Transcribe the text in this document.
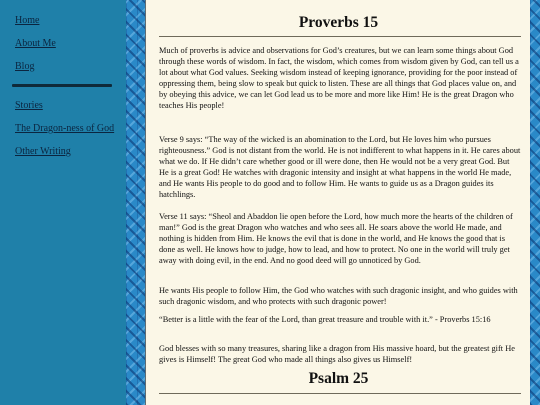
Home
About Me
Blog
Stories
The Dragon-ness of God
Other Writing
Proverbs 15

Much of proverbs is advice and observations for God’s creatures, but we can learn some things about God through these words of wisdom. In fact, the wisdom, which comes from wisdom given by God, can tell us a lot about what God values. Seeking wisdom instead of keeping ignorance, providing for the poor instead of oppressing them, being slow to speak but quick to listen. These are all things that God places value on, and by obeying this advice, we can let God lead us to be more and more like Him! He is the great Dragon who teaches His people!

Verse 9 says: “The way of the wicked is an abomination to the Lord, but He loves him who pursues righteousness.” God is not distant from the world. He is not indifferent to what happens in it. He cares about what we do. If He didn’t care whether good or ill were done, then He would not be a very great God. But He is a great God! He watches with dragonic intensity and insight at what happens in the world He made, and He wants His people to do good and to follow Him. He wants to guide us as a Dragon guides its hatchlings.

Verse 11 says: “Sheol and Abaddon lie open before the Lord, how much more the hearts of the children of man!” God is the great Dragon who watches and who sees all. He soars above the world He made, and nothing is hidden from Him. He knows the evil that is done in the world, and He knows the good that is done as well. He knows how to judge, how to lead, and how to protect. No one in the world will truly get away with doing evil, in the end. And no good deed will go unnoticed by God.

He wants His people to follow Him, the God who watches with such dragonic insight, and who guides with such dragonic wisdom, and who protects with such dragonic power!

“Better is a little with the fear of the Lord, than great treasure and trouble with it.” - Proverbs 15:16

God blesses with so many treasures, sharing like a dragon from His massive hoard, but the greatest gift He gives is Himself! The great God who made all things also gives us Himself!

Psalm 25
